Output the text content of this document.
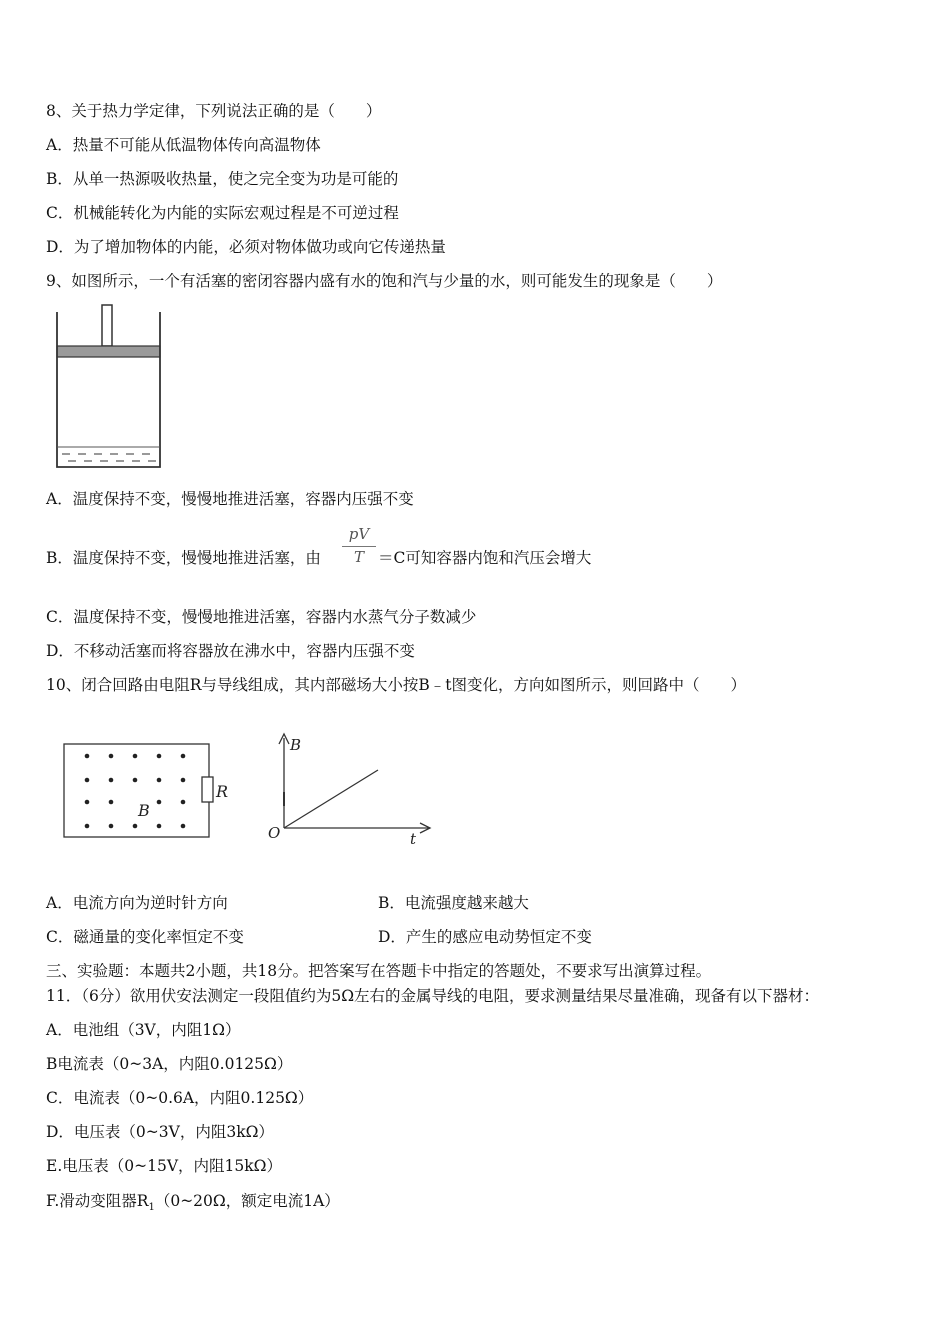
8、关于热力学定律，下列说法正确的是（　　）
A．热量不可能从低温物体传向高温物体
B．从单一热源吸收热量，使之完全变为功是可能的
C．机械能转化为内能的实际宏观过程是不可逆过程
D．为了增加物体的内能，必须对物体做功或向它传递热量
9、如图所示，一个有活塞的密闭容器内盛有水的饱和汽与少量的水，则可能发生的现象是（　　）
A．温度保持不变，慢慢地推进活塞，容器内压强不变
B．温度保持不变，慢慢地推进活塞，由
pV
T ＝C可知容器内饱和汽压会增大
C．温度保持不变，慢慢地推进活塞，容器内水蒸气分子数减少
D．不移动活塞而将容器放在沸水中，容器内压强不变
10、闭合回路由电阻R与导线组成，其内部磁场大小按B﹣t图变化，方向如图所示，则回路中（　　）
R
B
B
O	t
A．电流方向为逆时针方向	B．电流强度越来越大
C．磁通量的变化率恒定不变	D．产生的感应电动势恒定不变
三、实验题：本题共2小题，共18分。把答案写在答题卡中指定的答题处，不要求写出演算过程。
11．（6分）欲用伏安法测定一段阻值约为5Ω左右的金属导线的电阻，要求测量结果尽量准确，现备有以下器材：
A．电池组（3V，内阻1Ω）
B电流表（0~3A，内阻0.0125Ω）
C．电流表（0~0.6A，内阻0.125Ω）
D．电压表（0~3V，内阻3kΩ）
E.电压表（0~15V，内阻15kΩ）
F.滑动变阻器$R_1(0\sim 20\Omega$，额定电流1A）
